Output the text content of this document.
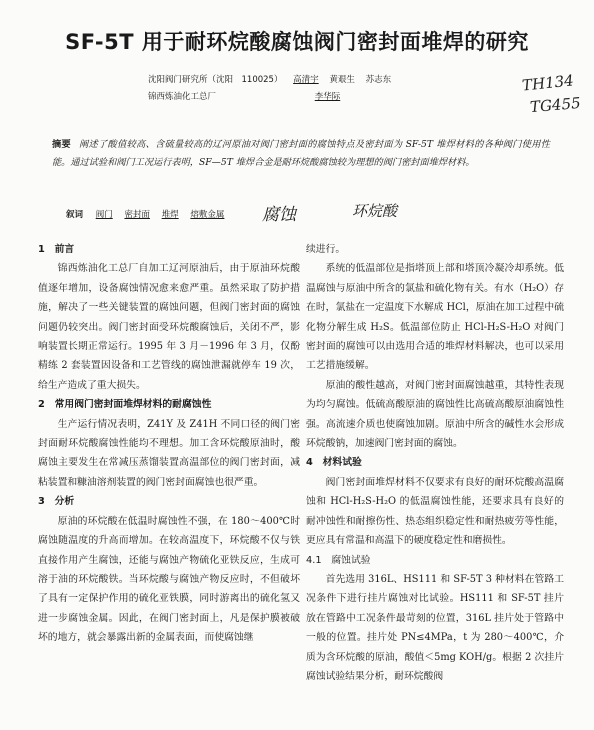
SF-5T 用于耐环烷酸腐蚀阀门密封面堆焊的研究
沈阳阀门研究所（沈阳　110025） 高清宇 黄艰生 苏志东
锦西炼油化工总厂	李华际
TH134
TG455
摘要 阐述了酸值较高、含硫量较高的辽河原油对阀门密封面的腐蚀特点及密封面为 SF-5T 堆焊材料的各种阀门使用性能。通过试验和阀门工况运行表明，SF—5T 堆焊合金是耐环烷酸腐蚀较为理想的阀门密封面堆焊材料。
叙词 阀门 密封面 堆焊 熔敷金属	腐蚀	环烷酸
1　前言

锦西炼油化工总厂自加工辽河原油后，由于原油环烷酸值逐年增加，设备腐蚀情况愈来愈严重。虽然采取了防护措施，解决了一些关键装置的腐蚀问题，但阀门密封面的腐蚀问题仍较突出。阀门密封面受环烷酸腐蚀后，关闭不严，影响装置长期正常运行。1995 年 3 月－1996 年 3 月，仅酚精练 2 套装置因设备和工艺管线的腐蚀泄漏就停车 19 次，给生产造成了重大损失。

2　常用阀门密封面堆焊材料的耐腐蚀性

生产运行情况表明，Z41Y 及 Z41H 不同口径的阀门密封面耐环烷酸腐蚀性能均不理想。加工含环烷酸原油时，酸腐蚀主要发生在常减压蒸馏装置高温部位的阀门密封面，减粘装置和糠油溶剂装置的阀门密封面腐蚀也很严重。

3　分析

原油的环烷酸在低温时腐蚀性不强，在 180～400℃时腐蚀随温度的升高而增加。在较高温度下，环烷酸不仅与铁直接作用产生腐蚀，还能与腐蚀产物硫化亚铁反应，生成可溶于油的环烷酸铁。当环烷酸与腐蚀产物反应时，不但破坏了具有一定保护作用的硫化亚铁膜，同时游离出的硫化氢又进一步腐蚀金属。因此，在阀门密封面上，凡是保护膜被破坏的地方，就会暴露出新的金属表面，而使腐蚀继

续进行。

系统的低温部位是指塔顶上部和塔顶冷凝冷却系统。低温腐蚀与原油中所含的氯盐和硫化物有关。有水（H₂O）存在时，氯盐在一定温度下水解成 HCl，原油在加工过程中硫化物分解生成 H₂S。低温部位防止 HCl-H₂S-H₂O 对阀门密封面的腐蚀可以由选用合适的堆焊材料解决，也可以采用工艺措施缓解。

原油的酸性越高，对阀门密封面腐蚀越重，其特性表现为均匀腐蚀。低硫高酸原油的腐蚀性比高硫高酸原油腐蚀性强。高流速介质也使腐蚀加剧。原油中所含的碱性水会形成环烷酸钠，加速阀门密封面的腐蚀。

4　材料试验

阀门密封面堆焊材料不仅要求有良好的耐环烷酸高温腐蚀和 HCl-H₂S-H₂O 的低温腐蚀性能，还要求具有良好的耐冲蚀性和耐擦伤性、热态组织稳定性和耐热疲劳等性能，更应具有常温和高温下的硬度稳定性和磨损性。

4.1　腐蚀试验

首先选用 316L、HS111 和 SF-5T 3 种材料在管路工况条件下进行挂片腐蚀对比试验。HS111 和 SF-5T 挂片放在管路中工况条件最苛刻的位置，316L 挂片处于管路中一般的位置。挂片处 PN≤4MPa，t 为 280～400℃，介质为含环烷酸的原油，酸值＜5mg KOH/g。根据 2 次挂片腐蚀试验结果分析，耐环烷酸阀
